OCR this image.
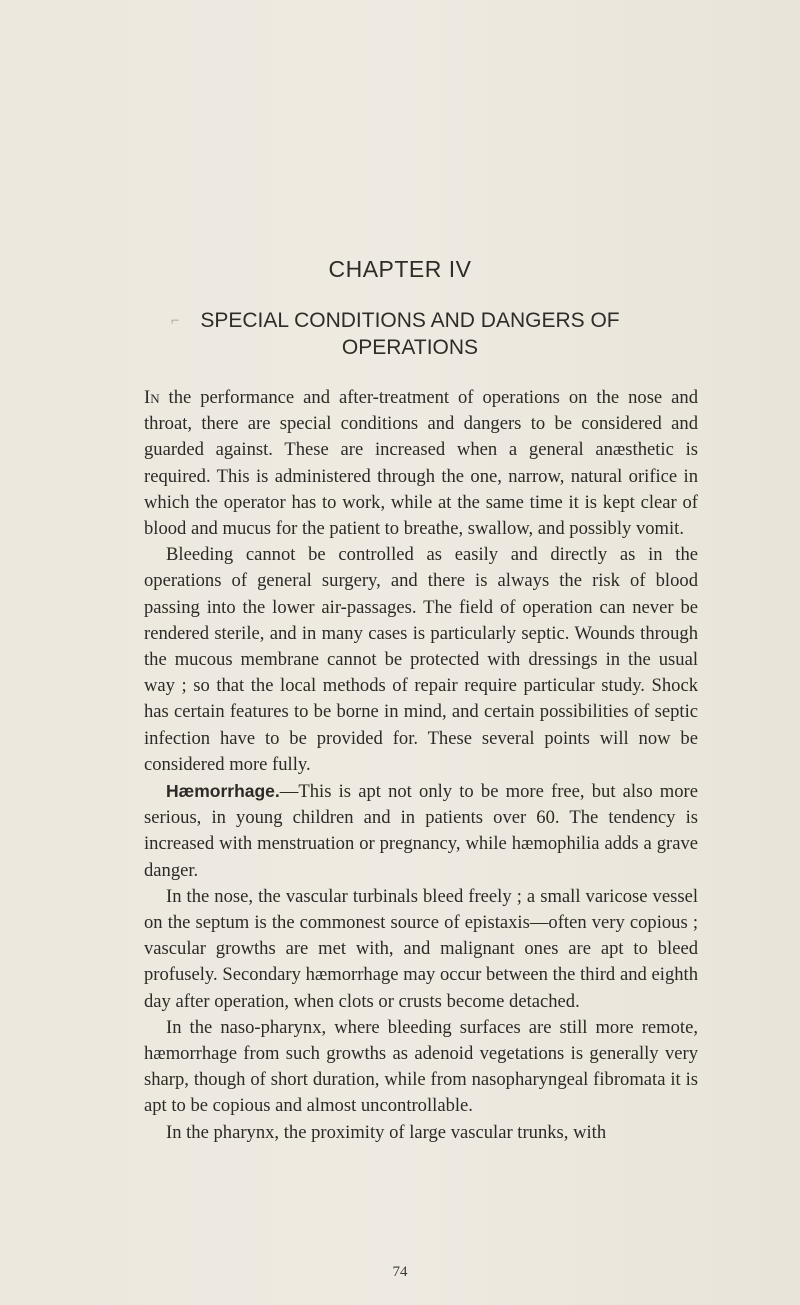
CHAPTER IV
⌐ SPECIAL CONDITIONS AND DANGERS OF
OPERATIONS

In the performance and after-treatment of operations on the nose and throat, there are special conditions and dangers to be considered and guarded against. These are increased when a general anæsthetic is required. This is administered through the one, narrow, natural orifice in which the operator has to work, while at the same time it is kept clear of blood and mucus for the patient to breathe, swallow, and possibly vomit.

Bleeding cannot be controlled as easily and directly as in the operations of general surgery, and there is always the risk of blood passing into the lower air-passages. The field of operation can never be rendered sterile, and in many cases is particularly septic. Wounds through the mucous membrane cannot be protected with dressings in the usual way ; so that the local methods of repair require particular study. Shock has certain features to be borne in mind, and certain possibilities of septic infection have to be provided for. These several points will now be considered more fully.

Hæmorrhage.—This is apt not only to be more free, but also more serious, in young children and in patients over 60. The tendency is increased with menstruation or pregnancy, while hæmophilia adds a grave danger.

In the nose, the vascular turbinals bleed freely ; a small varicose vessel on the septum is the commonest source of epistaxis—often very copious ; vascular growths are met with, and malignant ones are apt to bleed profusely. Secondary hæmorrhage may occur between the third and eighth day after operation, when clots or crusts become detached.

In the naso-pharynx, where bleeding surfaces are still more remote, hæmorrhage from such growths as adenoid vegetations is generally very sharp, though of short duration, while from nasopharyngeal fibromata it is apt to be copious and almost uncontrollable.

In the pharynx, the proximity of large vascular trunks, with

74
